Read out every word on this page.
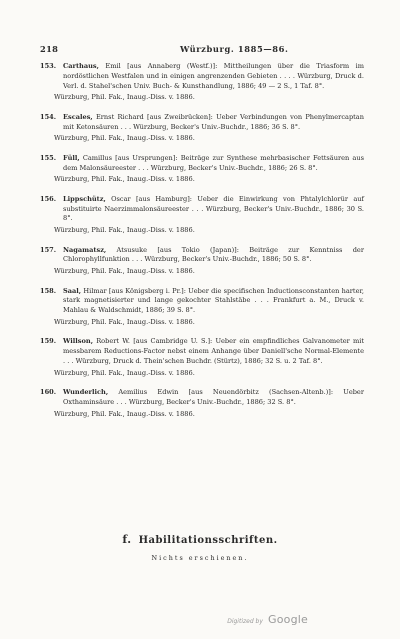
218	Würzburg. 1885—86.
153. Carthaus, Emil [aus Annaberg (Westf.)]: Mittheilungen über die Triasform im nordöstlichen Westfalen und in einigen angrenzenden Gebieten . . . . Würzburg, Druck d. Verl. d. Stahel'schen Univ. Buch- & Kunsthandlung, 1886; 49 — 2 S., 1 Taf. 8°.
Würzburg, Phil. Fak., Inaug.-Diss. v. 1886.
154. Escales, Ernst Richard [aus Zweibrücken]: Ueber Verbindungen von Phenylmercaptan mit Ketonsäuren . . . Würzburg, Becker's Univ.-Buchdr., 1886; 36 S. 8°.
Würzburg, Phil. Fak., Inaug.-Diss. v. 1886.
155. Füll, Camillus [aus Ursprungen]: Beiträge zur Synthese mehrbasischer Fettsäuren aus dem Malonsäureester . . . Würzburg, Becker's Univ.-Buchdr., 1886; 26 S. 8°.
Würzburg, Phil. Fak., Inaug.-Diss. v. 1886.
156. Lippschütz, Oscar [aus Hamburg]: Ueber die Einwirkung von Phtalylchlorür auf substituirte Naerzimmalonsäureester . . . Würzburg, Becker's Univ.-Buchdr., 1886; 30 S. 8°.
Würzburg, Phil. Fak., Inaug.-Diss. v. 1886.
157. Nagamatsz, Atsusuke [aus Tokio (Japan)]: Beiträge zur Kenntniss der Chlorophyllfunktion . . . Würzburg, Becker's Univ.-Buchdr., 1886; 50 S. 8°.
Würzburg, Phil. Fak., Inaug.-Diss. v. 1886.
158. Saal, Hilmar [aus Königsberg i. Pr.]: Ueber die specifischen Inductionsconstanten harter, stark magnetisierter und lange gekochter Stahlstäbe . . . Frankfurt a. M., Druck v. Mahlau & Waldschmidt, 1886; 39 S. 8°.
Würzburg, Phil. Fak., Inaug.-Diss. v. 1886.
159. Willson, Robert W. [aus Cambridge U. S.]: Ueber ein empfindliches Galvanometer mit messbarem Reductions-Factor nebst einem Anhange über Daniell'sche Normal-Elemente . . . Würzburg, Druck d. Thein'schen Buchdr. (Stürtz), 1886; 32 S. u. 2 Taf. 8°.
Würzburg, Phil. Fak., Inaug.-Diss. v. 1886.
160. Wunderlich, Aemilius Edwin [aus Neuendörbitz (Sachsen-Altenb.)]: Ueber Oxthaminsäure . . . Würzburg, Becker's Univ.-Buchdr., 1886; 32 S. 8°.
Würzburg, Phil. Fak., Inaug.-Diss. v. 1886.
f. Habilitationsschriften.
Nichts erschienen.
Digitized by Google
